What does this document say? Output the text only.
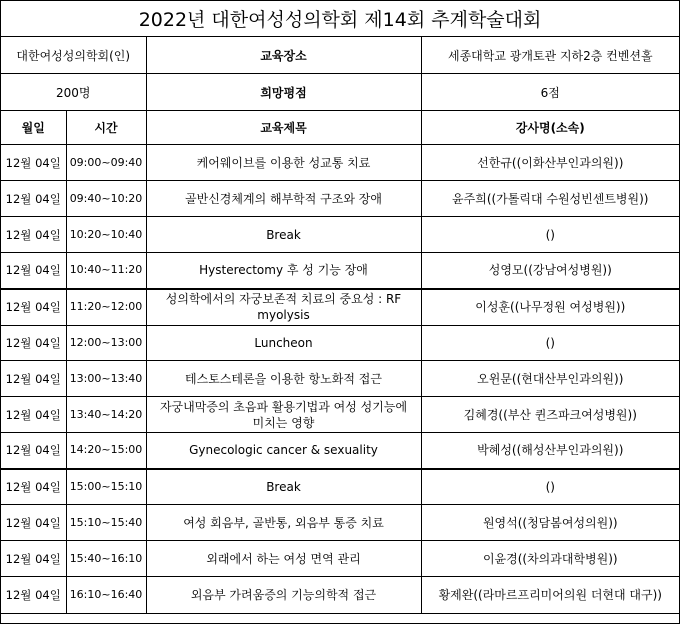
2022년 대한여성성의학회 제14회 추계학술대회			
대한여성성의학회(인)		교육장소	세종대학교 광개토관 지하2층 컨벤션홀
200명		희망평점	6점
월일	시간	교육제목	강사명(소속)
12월 04일	09:00~09:40	케어웨이브를 이용한 성교통 치료	선한규((이화산부인과의원))
12월 04일	09:40~10:20	골반신경체계의 해부학적 구조와 장애	윤주희((가톨릭대 수원성빈센트병원))
12월 04일	10:20~10:40	Break	()
12월 04일	10:40~11:20	Hysterectomy 후 성 기능 장애	성영모((강남여성병원))
12월 04일	11:20~12:00	성의학에서의 자궁보존적 치료의 중요성 : RF myolysis	이성훈((나무정원 여성병원))
12월 04일	12:00~13:00	Luncheon	()
12월 04일	13:00~13:40	테스토스테론을 이용한 항노화적 접근	오윈문((현대산부인과의원))
12월 04일	13:40~14:20	자궁내막증의 초음파 활용기법과 여성 성기능에 미치는 영향	김혜경((부산 퀸즈파크여성병원))
12월 04일	14:20~15:00	Gynecologic cancer & sexuality	박혜성((해성산부인과의원))
12월 04일	15:00~15:10	Break	()
12월 04일	15:10~15:40	여성 회음부, 골반통, 외음부 통증 치료	원영석((청담봄여성의원))
12월 04일	15:40~16:10	외래에서 하는 여성 면역 관리	이윤경((차의과대학병원))
12월 04일	16:10~16:40	외음부 가려움증의 기능의학적 접근	황제완((라마르프리미어의원 더현대 대구))
